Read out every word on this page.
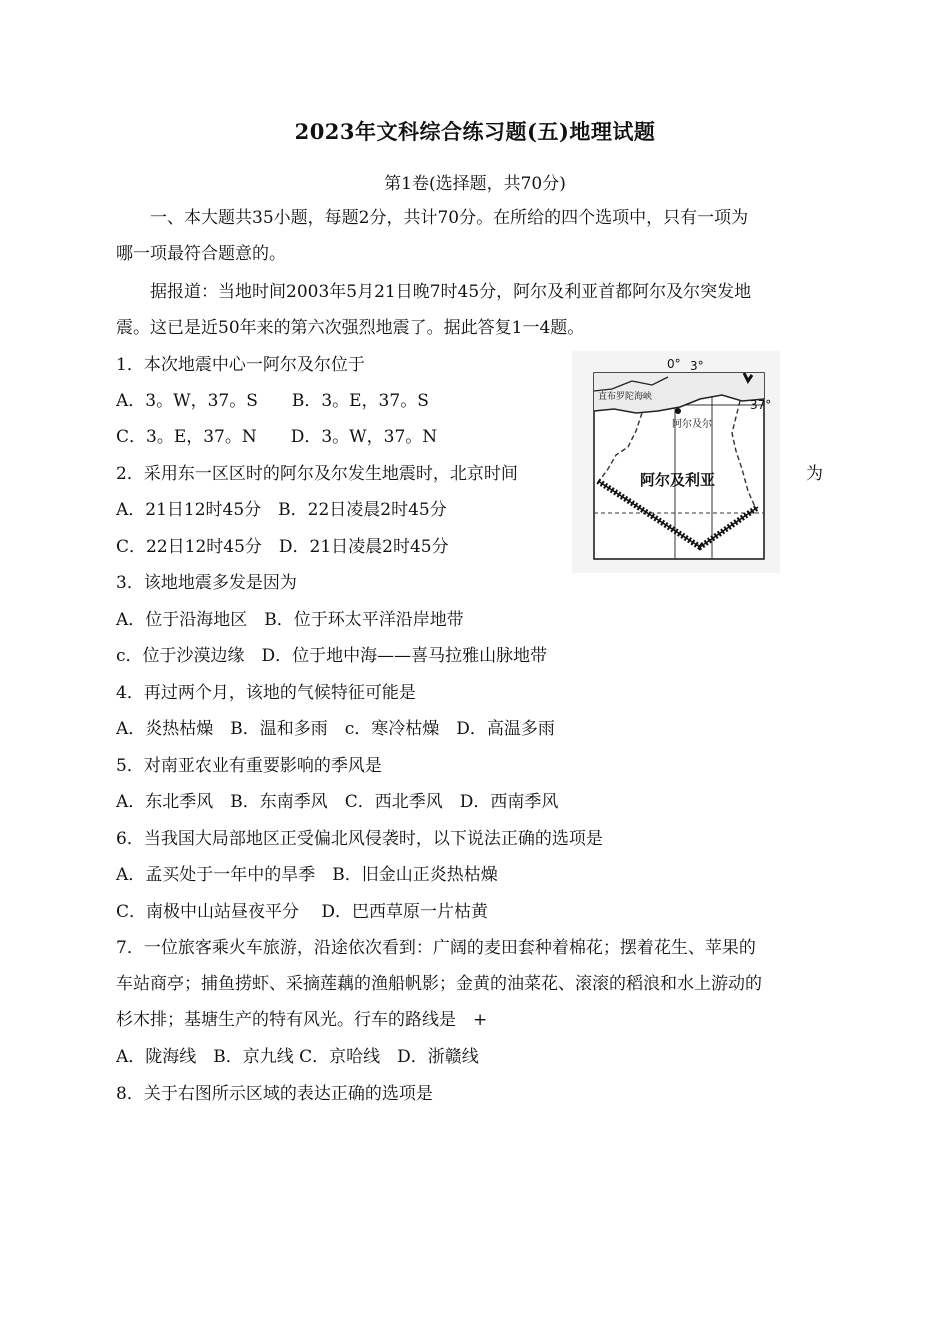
2023年文科综合练习题(五)地理试题
第1卷(选择题，共70分)
一、本大题共35小题，每题2分，共计70分。在所给的四个选项中，只有一项为
哪一项最符合题意的。
据报道：当地时间2003年5月21日晚7时45分，阿尔及利亚首都阿尔及尔突发地
震。这已是近50年来的第六次强烈地震了。据此答复1一4题。
1．本次地震中心一阿尔及尔位于
A．3。W，37。S　　B．3。E，37。S
C．3。E，37。N　　D．3。W，37。N
2．采用东一区区时的阿尔及尔发生地震时，北京时间	为
A．21日12时45分　B．22日凌晨2时45分
C．22日12时45分　D．21日凌晨2时45分
3．该地地震多发是因为
A．位于沿海地区　B．位于环太平洋沿岸地带
c．位于沙漠边缘　D．位于地中海——喜马拉雅山脉地带
4．再过两个月，该地的气候特征可能是
A．炎热枯燥　B．温和多雨　c．寒冷枯燥　D．高温多雨
5．对南亚农业有重要影响的季风是
A．东北季风　B．东南季风　C．西北季风　D．西南季风
6．当我国大局部地区正受偏北风侵袭时，以下说法正确的选项是
A．孟买处于一年中的旱季　B．旧金山正炎热枯燥
C．南极中山站昼夜平分　 D．巴西草原一片枯黄
7．一位旅客乘火车旅游，沿途依次看到：广阔的麦田套种着棉花；摆着花生、苹果的
车站商亭；捕鱼捞虾、采摘莲藕的渔船帆影；金黄的油菜花、滚滚的稻浪和水上游动的
杉木排；基塘生产的特有风光。行车的路线是　+
A．陇海线　B．京九线 C．京哈线　D．浙赣线
8．关于右图所示区域的表达正确的选项是
0° 3°
37°
直布罗陀海峡
阿尔及尔
阿尔及利亚
